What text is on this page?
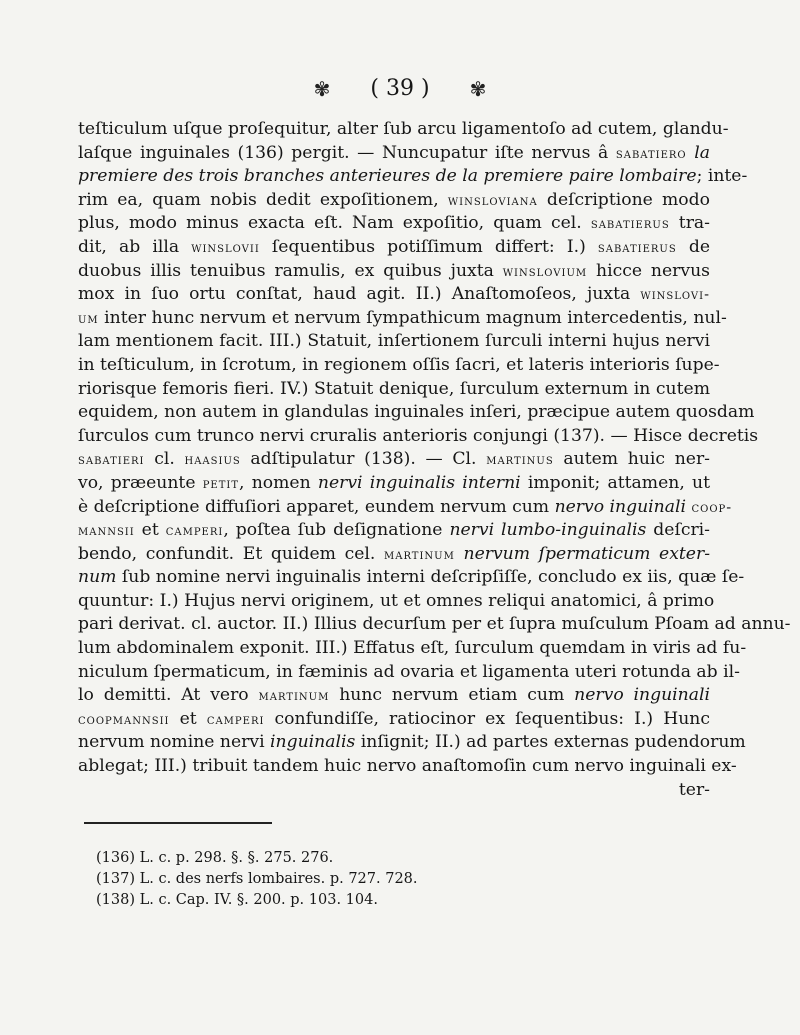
✾ ( 39 ) ✾
teſticulum uſque proſequitur, alter ſub arcu ligamentoſo ad cutem, glandu-
laſque inguinales (136) pergit. — Nuncupatur iſte nervus â sabatiero la
premiere des trois branches anterieures de la premiere paire lombaire; inte-
rim ea, quam nobis dedit expoſitionem, winsloviana deſcriptione modo
plus, modo minus exacta eſt. Nam expoſitio, quam cel. sabatierus tra-
dit, ab illa winslovii ſequentibus potiſſimum differt: I.) sabatierus de
duobus illis tenuibus ramulis, ex quibus juxta winslovium hicce nervus
mox in ſuo ortu conſtat, haud agit. II.) Anaſtomoſeos, juxta winslovi-
um inter hunc nervum et nervum ſympathicum magnum intercedentis, nul-
lam mentionem facit. III.) Statuit, inſertionem ſurculi interni hujus nervi
in teſticulum, in ſcrotum, in regionem oſſis ſacri, et lateris interioris ſupe-
riorisque femoris fieri. IV.) Statuit denique, ſurculum externum in cutem
equidem, non autem in glandulas inguinales inſeri, præcipue autem quosdam
ſurculos cum trunco nervi cruralis anterioris conjungi (137). — Hisce decretis
sabatieri cl. haasius adſtipulatur (138). — Cl. martinus autem huic ner-
vo, præeunte petit, nomen nervi inguinalis interni imponit; attamen, ut
è deſcriptione diffuſiori apparet, eundem nervum cum nervo inguinali coop-
mannsii et camperi, poſtea ſub deſignatione nervi lumbo-inguinalis deſcri-
bendo, confundit. Et quidem cel. martinum nervum ſpermaticum exter-
num ſub nomine nervi inguinalis interni deſcripſiſſe, concludo ex iis, quæ ſe-
quuntur: I.) Hujus nervi originem, ut et omnes reliqui anatomici, â primo
pari derivat. cl. auctor. II.) Illius decurſum per et ſupra muſculum Pſoam ad annu-
lum abdominalem exponit. III.) Effatus eſt, ſurculum quemdam in viris ad fu-
niculum ſpermaticum, in fæminis ad ovaria et ligamenta uteri rotunda ab il-
lo demitti. At vero martinum hunc nervum etiam cum nervo inguinali
coopmannsii et camperi confundiſſe, ratiocinor ex ſequentibus: I.) Hunc
nervum nomine nervi inguinalis inſignit; II.) ad partes externas pudendorum
ablegat; III.) tribuit tandem huic nervo anaſtomoſin cum nervo inguinali ex-
ter-
(136) L. c. p. 298. §. §. 275. 276.
(137) L. c. des nerfs lombaires. p. 727. 728.
(138) L. c. Cap. IV. §. 200. p. 103. 104.
